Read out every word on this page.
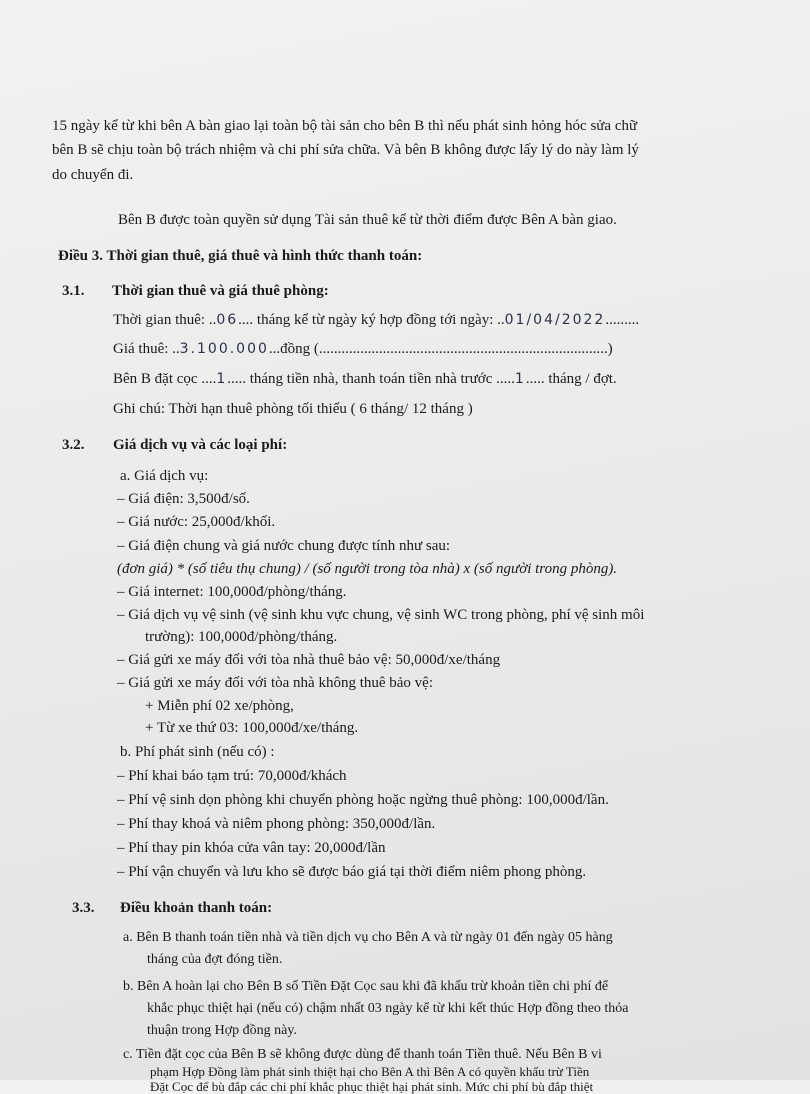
15 ngày kể từ khi bên A bàn giao lại toàn bộ tài sản cho bên B thì nếu phát sinh hỏng hóc sửa chữ
bên B sẽ chịu toàn bộ trách nhiệm và chi phí sửa chữa. Và bên B không được lấy lý do này làm lý
do chuyển đi.
Bên B được toàn quyền sử dụng Tài sản thuê kể từ thời điểm được Bên A bàn giao.
Điều 3. Thời gian thuê, giá thuê và hình thức thanh toán:
3.1. Thời gian thuê và giá thuê phòng:
Thời gian thuê: ..06.... tháng kể từ ngày ký hợp đồng tới ngày: ..01/04/2022.........
Giá thuê: ..3.100.000...đồng (.............................................................................)
Bên B đặt cọc ....1..... tháng tiền nhà, thanh toán tiền nhà trước .....1..... tháng / đợt.
Ghi chú: Thời hạn thuê phòng tối thiểu ( 6 tháng/ 12 tháng )
3.2. Giá dịch vụ và các loại phí:
a. Giá dịch vụ:
– Giá điện: 3,500đ/số.
– Giá nước: 25,000đ/khối.
– Giá điện chung và giá nước chung được tính như sau:
(đơn giá) * (số tiêu thụ chung) / (số người trong tòa nhà) x (số người trong phòng).
– Giá internet: 100,000đ/phòng/tháng.
– Giá dịch vụ vệ sinh (vệ sinh khu vực chung, vệ sinh WC trong phòng, phí vệ sinh môi
trường): 100,000đ/phòng/tháng.
– Giá gửi xe máy đối với tòa nhà thuê bảo vệ: 50,000đ/xe/tháng
– Giá gửi xe máy đối với tòa nhà không thuê bảo vệ:
+ Miễn phí 02 xe/phòng,
+ Từ xe thứ 03: 100,000đ/xe/tháng.
b. Phí phát sinh (nếu có) :
– Phí khai báo tạm trú: 70,000đ/khách
– Phí vệ sinh dọn phòng khi chuyển phòng hoặc ngừng thuê phòng: 100,000đ/lần.
– Phí thay khoá và niêm phong phòng: 350,000đ/lần.
– Phí thay pin khóa cửa vân tay: 20,000đ/lần
– Phí vận chuyển và lưu kho sẽ được báo giá tại thời điểm niêm phong phòng.
3.3. Điều khoản thanh toán:
a. Bên B thanh toán tiền nhà và tiền dịch vụ cho Bên A và từ ngày 01 đến ngày 05 hàng
tháng của đợt đóng tiền.
b. Bên A hoàn lại cho Bên B số Tiền Đặt Cọc sau khi đã khấu trừ khoản tiền chi phí để
khắc phục thiệt hại (nếu có) chậm nhất 03 ngày kể từ khi kết thúc Hợp đồng theo thỏa
thuận trong Hợp đồng này.
c. Tiền đặt cọc của Bên B sẽ không được dùng để thanh toán Tiền thuê. Nếu Bên B vi
phạm Hợp Đồng làm phát sinh thiệt hại cho Bên A thì Bên A có quyền khấu trừ Tiền
Đặt Cọc để bù đắp các chi phí khắc phục thiệt hại phát sinh. Mức chi phí bù đắp thiệt
